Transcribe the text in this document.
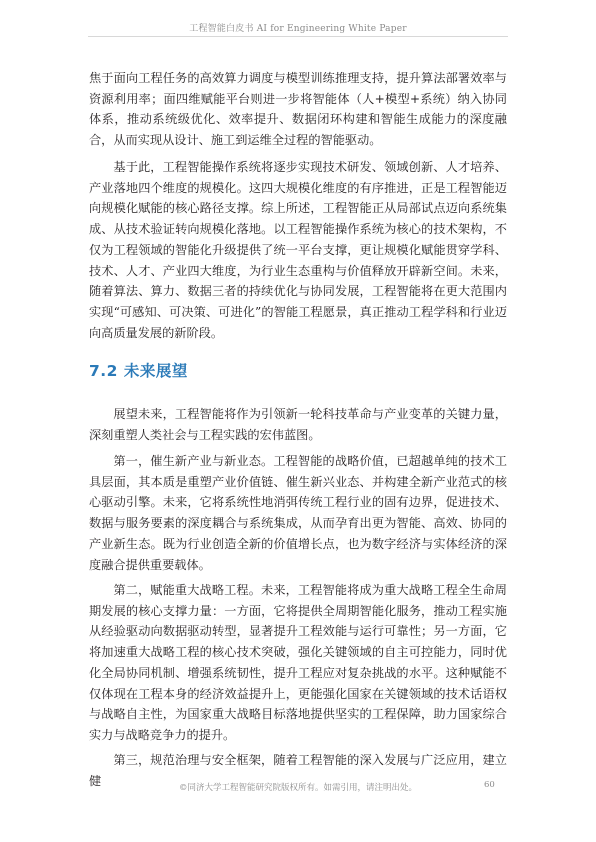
工程智能白皮书 AI for Engineering White Paper

焦于面向工程任务的高效算力调度与模型训练推理支持，提升算法部署效率与资源利用率；面四维赋能平台则进一步将智能体（人+模型+系统）纳入协同体系，推动系统级优化、效率提升、数据闭环构建和智能生成能力的深度融合，从而实现从设计、施工到运维全过程的智能驱动。

基于此，工程智能操作系统将逐步实现技术研发、领域创新、人才培养、产业落地四个维度的规模化。这四大规模化维度的有序推进，正是工程智能迈向规模化赋能的核心路径支撑。综上所述，工程智能正从局部试点迈向系统集成、从技术验证转向规模化落地。以工程智能操作系统为核心的技术架构，不仅为工程领域的智能化升级提供了统一平台支撑，更让规模化赋能贯穿学科、技术、人才、产业四大维度，为行业生态重构与价值释放开辟新空间。未来，随着算法、算力、数据三者的持续优化与协同发展，工程智能将在更大范围内实现“可感知、可决策、可进化”的智能工程愿景，真正推动工程学科和行业迈向高质量发展的新阶段。

7.2 未来展望

展望未来，工程智能将作为引领新一轮科技革命与产业变革的关键力量，深刻重塑人类社会与工程实践的宏伟蓝图。

第一，催生新产业与新业态。工程智能的战略价值，已超越单纯的技术工具层面，其本质是重塑产业价值链、催生新兴业态、并构建全新产业范式的核心驱动引擎。未来，它将系统性地消弭传统工程行业的固有边界，促进技术、数据与服务要素的深度耦合与系统集成，从而孕育出更为智能、高效、协同的产业新生态。既为行业创造全新的价值增长点，也为数字经济与实体经济的深度融合提供重要载体。

第二，赋能重大战略工程。未来，工程智能将成为重大战略工程全生命周期发展的核心支撑力量：一方面，它将提供全周期智能化服务，推动工程实施从经验驱动向数据驱动转型，显著提升工程效能与运行可靠性；另一方面，它将加速重大战略工程的核心技术突破，强化关键领域的自主可控能力，同时优化全局协同机制、增强系统韧性，提升工程应对复杂挑战的水平。这种赋能不仅体现在工程本身的经济效益提升上，更能强化国家在关键领域的技术话语权与战略自主性，为国家重大战略目标落地提供坚实的工程保障，助力国家综合实力与战略竞争力的提升。

第三，规范治理与安全框架，随着工程智能的深入发展与广泛应用，建立健

©同济大学工程智能研究院版权所有。如需引用，请注明出处。	60
